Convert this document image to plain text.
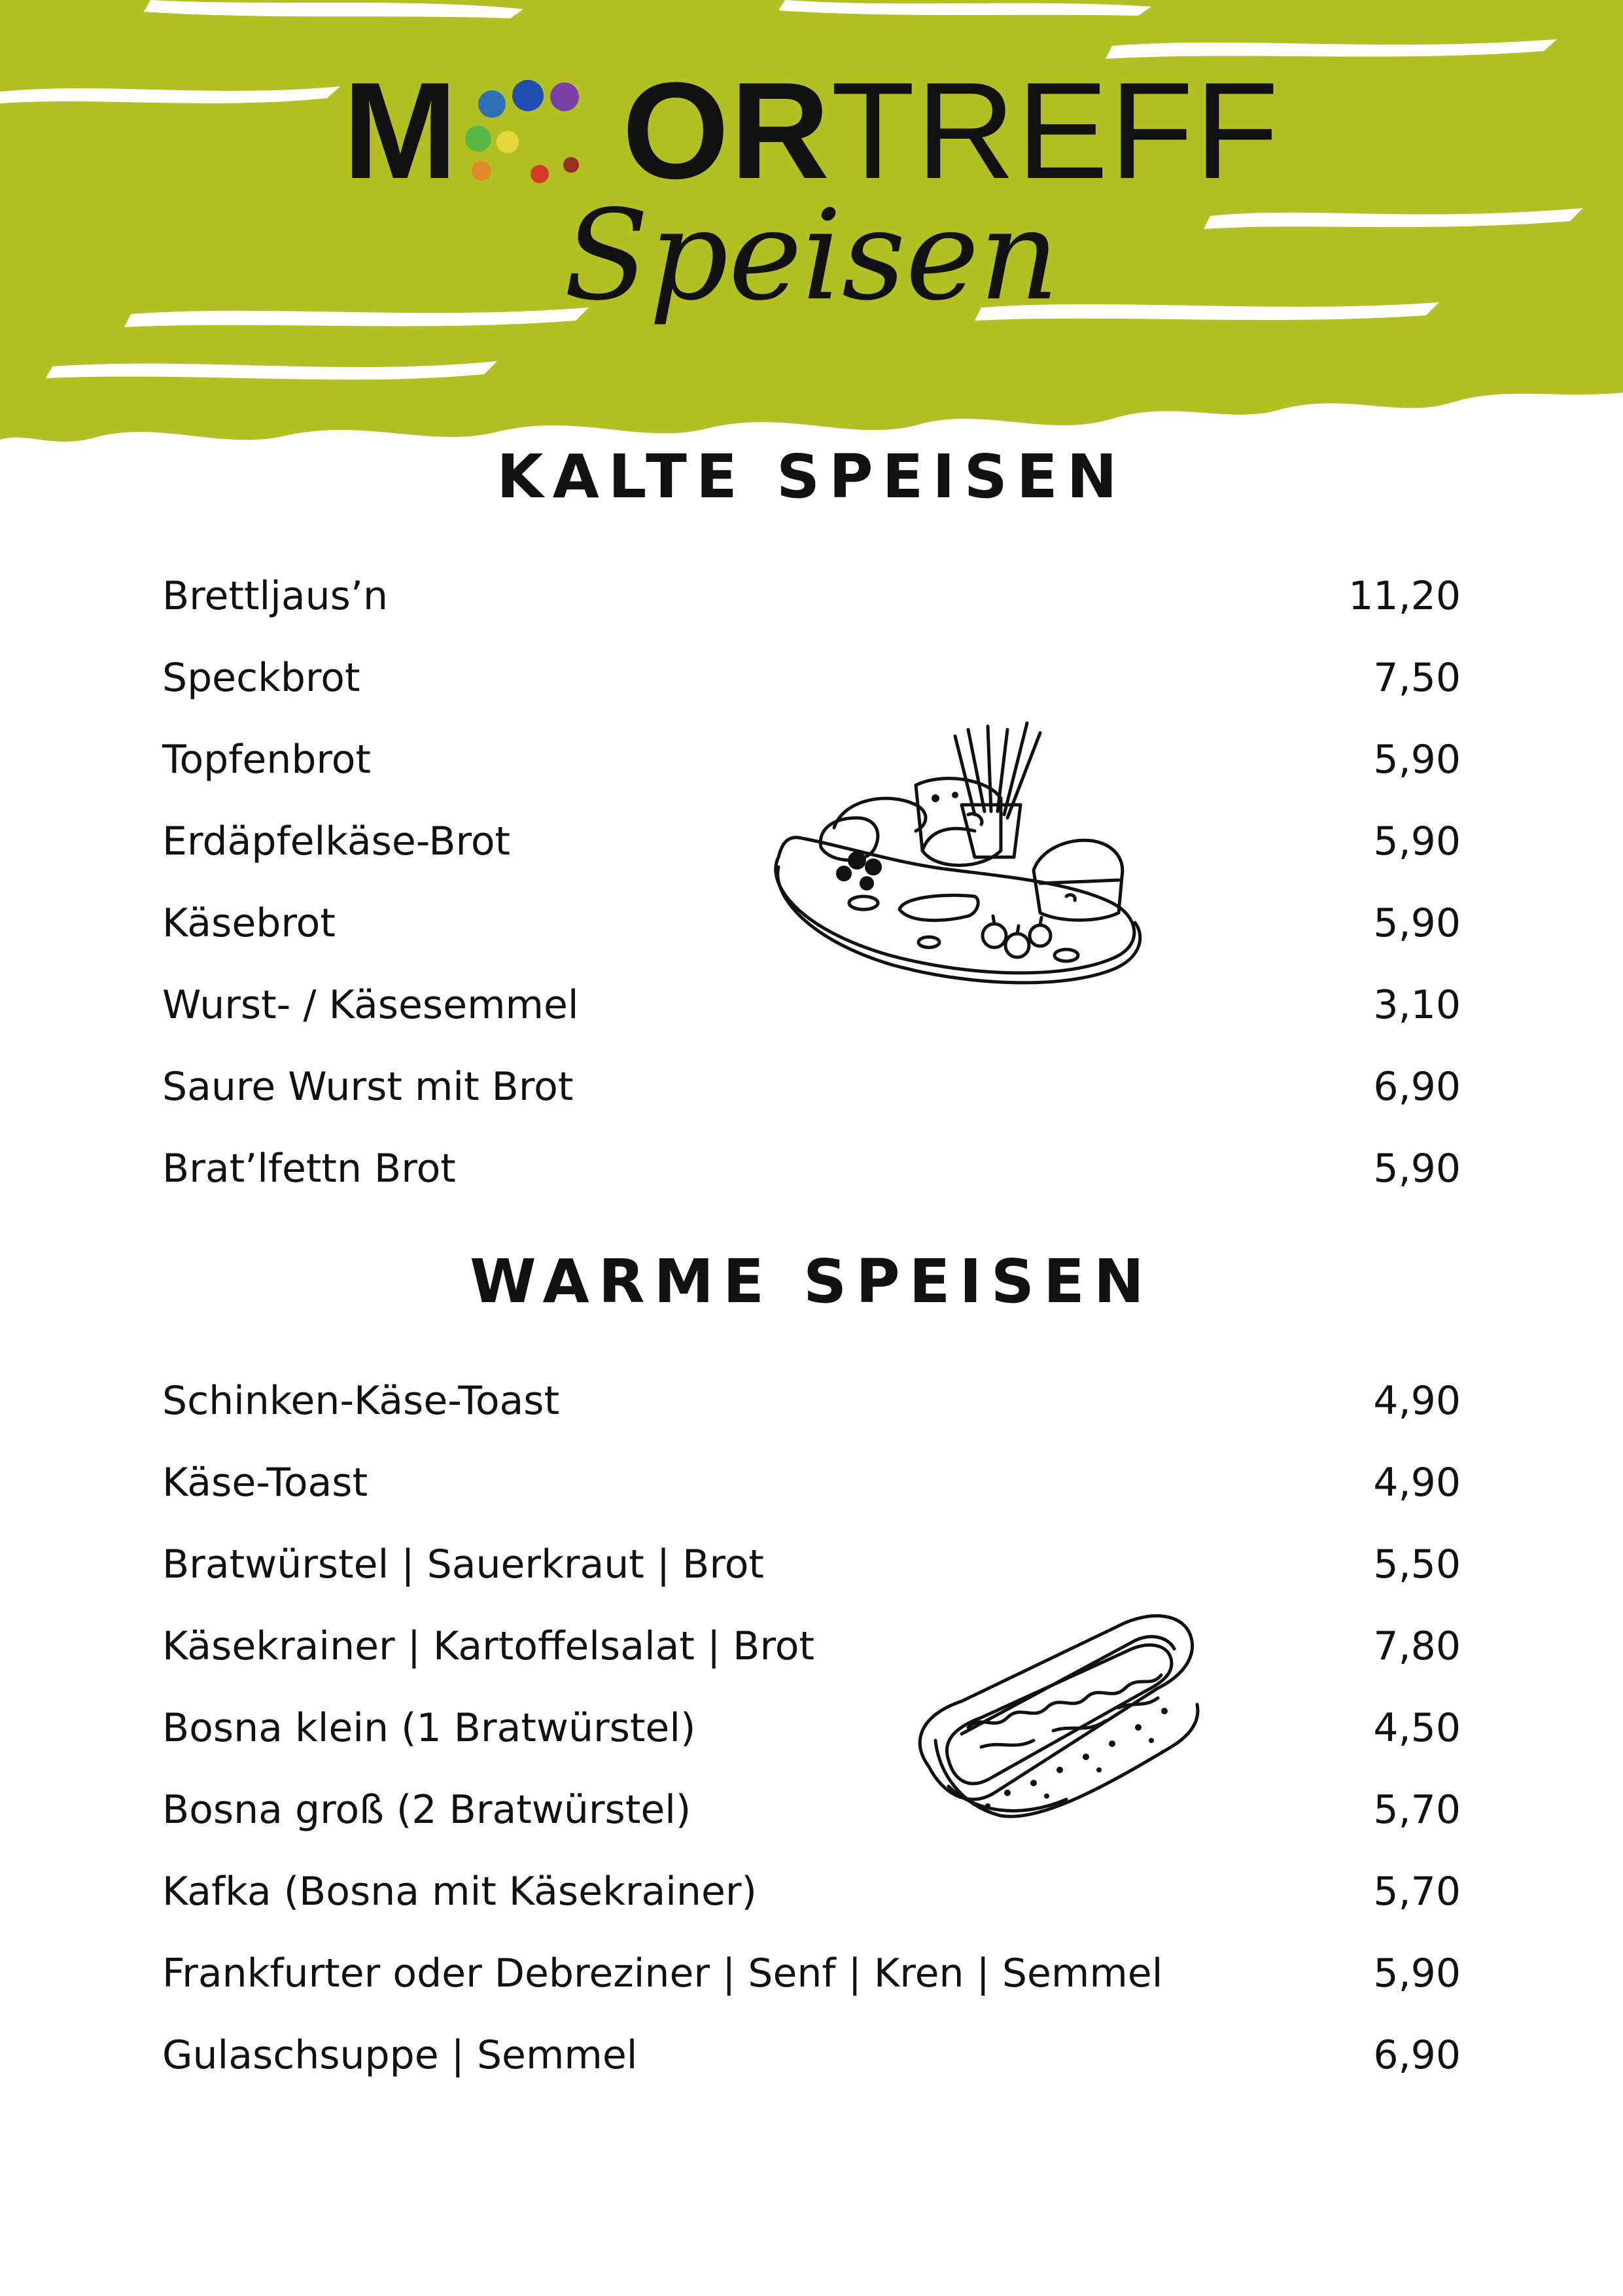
M ORTREFF
Speisen
KALTE SPEISEN
Brettljaus’n	11,20
Speckbrot	7,50
Topfenbrot	5,90
Erdäpfelkäse-Brot	5,90
Käsebrot	5,90
Wurst- / Käsesemmel	3,10
Saure Wurst mit Brot	6,90
Brat’lfettn Brot	5,90
WARME SPEISEN
Schinken-Käse-Toast	4,90
Käse-Toast	4,90
Bratwürstel | Sauerkraut | Brot	5,50
Käsekrainer | Kartoffelsalat | Brot	7,80
Bosna klein (1 Bratwürstel)	4,50
Bosna groß (2 Bratwürstel)	5,70
Kafka (Bosna mit Käsekrainer)	5,70
Frankfurter oder Debreziner | Senf | Kren | Semmel	5,90
Gulaschsuppe | Semmel	6,90
